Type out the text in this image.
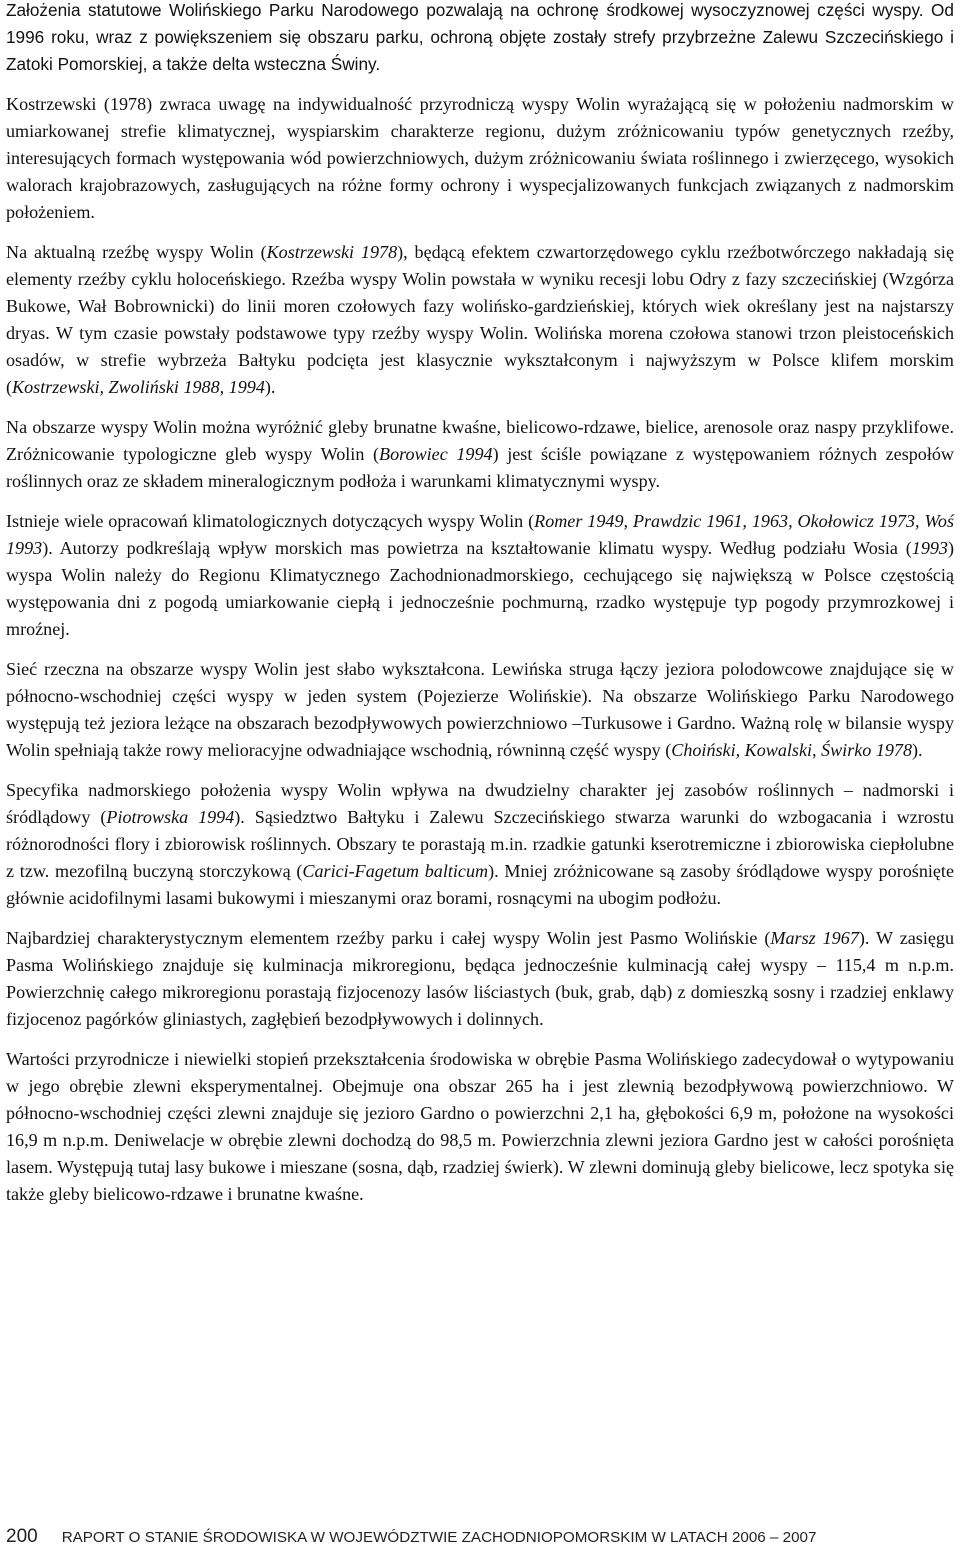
Założenia statutowe Wolińskiego Parku Narodowego pozwalają na ochronę środkowej wysoczyznowej części wyspy. Od 1996 roku, wraz z powiększeniem się obszaru parku, ochroną objęte zostały strefy przybrzeżne Zalewu Szczecińskiego i Zatoki Pomorskiej, a także delta wsteczna Świny.

Kostrzewski (1978) zwraca uwagę na indywidualność przyrodniczą wyspy Wolin wyrażającą się w położeniu nadmorskim w umiarkowanej strefie klimatycznej, wyspiarskim charakterze regionu, dużym zróżnicowaniu typów genetycznych rzeźby, interesujących formach występowania wód powierzchniowych, dużym zróżnicowaniu świata roślinnego i zwierzęcego, wysokich walorach krajobrazowych, zasługujących na różne formy ochrony i wyspecjalizowanych funkcjach związanych z nadmorskim położeniem.

Na aktualną rzeźbę wyspy Wolin (Kostrzewski 1978), będącą efektem czwartorzędowego cyklu rzeźbotwórczego nakładają się elementy rzeźby cyklu holoceńskiego. Rzeźba wyspy Wolin powstała w wyniku recesji lobu Odry z fazy szczecińskiej (Wzgórza Bukowe, Wał Bobrownicki) do linii moren czołowych fazy wolińsko-gardzieńskiej, których wiek określany jest na najstarszy dryas. W tym czasie powstały podstawowe typy rzeźby wyspy Wolin. Wolińska morena czołowa stanowi trzon pleistoceńskich osadów, w strefie wybrzeża Bałtyku podcięta jest klasycznie wykształconym i najwyższym w Polsce klifem morskim (Kostrzewski, Zwoliński 1988, 1994).

Na obszarze wyspy Wolin można wyróżnić gleby brunatne kwaśne, bielicowo-rdzawe, bielice, arenosole oraz naspy przyklifowe. Zróżnicowanie typologiczne gleb wyspy Wolin (Borowiec 1994) jest ściśle powiązane z występowaniem różnych zespołów roślinnych oraz ze składem mineralogicznym podłoża i warunkami klimatycznymi wyspy.

Istnieje wiele opracowań klimatologicznych dotyczących wyspy Wolin (Romer 1949, Prawdzic 1961, 1963, Okołowicz 1973, Woś 1993). Autorzy podkreślają wpływ morskich mas powietrza na kształtowanie klimatu wyspy. Według podziału Wosia (1993) wyspa Wolin należy do Regionu Klimatycznego Zachodnionadmorskiego, cechującego się największą w Polsce częstością występowania dni z pogodą umiarkowanie ciepłą i jednocześnie pochmurną, rzadko występuje typ pogody przymrozkowej i mroźnej.

Sieć rzeczna na obszarze wyspy Wolin jest słabo wykształcona. Lewińska struga łączy jeziora polodowcowe znajdujące się w północno-wschodniej części wyspy w jeden system (Pojezierze Wolińskie). Na obszarze Wolińskiego Parku Narodowego występują też jeziora leżące na obszarach bezodpływowych powierzchniowo –Turkusowe i Gardno. Ważną rolę w bilansie wyspy Wolin spełniają także rowy melioracyjne odwadniające wschodnią, równinną część wyspy (Choiński, Kowalski, Świrko 1978).

Specyfika nadmorskiego położenia wyspy Wolin wpływa na dwudzielny charakter jej zasobów roślinnych – nadmorski i śródlądowy (Piotrowska 1994). Sąsiedztwo Bałtyku i Zalewu Szczecińskiego stwarza warunki do wzbogacania i wzrostu różnorodności flory i zbiorowisk roślinnych. Obszary te porastają m.in. rzadkie gatunki kserotremiczne i zbiorowiska ciepłolubne z tzw. mezofilną buczyną storczykową (Carici-Fagetum balticum). Mniej zróżnicowane są zasoby śródlądowe wyspy porośnięte głównie acidofilnymi lasami bukowymi i mieszanymi oraz borami, rosnącymi na ubogim podłożu.

Najbardziej charakterystycznym elementem rzeźby parku i całej wyspy Wolin jest Pasmo Wolińskie (Marsz 1967). W zasięgu Pasma Wolińskiego znajduje się kulminacja mikroregionu, będąca jednocześnie kulminacją całej wyspy – 115,4 m n.p.m. Powierzchnię całego mikroregionu porastają fizjocenozy lasów liściastych (buk, grab, dąb) z domieszką sosny i rzadziej enklawy fizjocenoz pagórków gliniastych, zagłębień bezodpływowych i dolinnych.

Wartości przyrodnicze i niewielki stopień przekształcenia środowiska w obrębie Pasma Wolińskiego zadecydował o wytypowaniu w jego obrębie zlewni eksperymentalnej. Obejmuje ona obszar 265 ha i jest zlewnią bezodpływową powierzchniowo. W północno-wschodniej części zlewni znajduje się jezioro Gardno o powierzchni 2,1 ha, głębokości 6,9 m, położone na wysokości 16,9 m n.p.m. Deniwelacje w obrębie zlewni dochodzą do 98,5 m. Powierzchnia zlewni jeziora Gardno jest w całości porośnięta lasem. Występują tutaj lasy bukowe i mieszane (sosna, dąb, rzadziej świerk). W zlewni dominują gleby bielicowe, lecz spotyka się także gleby bielicowo-rdzawe i brunatne kwaśne.

200 RAPORT O STANIE ŚRODOWISKA W WOJEWÓDZTWIE ZACHODNIOPOMORSKIM W LATACH 2006 – 2007
